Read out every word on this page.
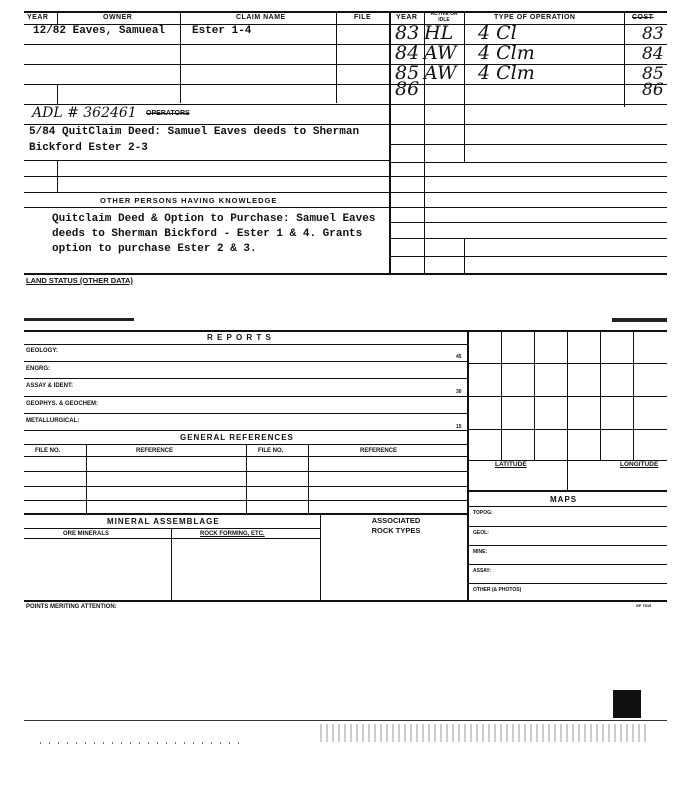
YEAR	OWNER	CLAIM NAME	FILE
12/82 Eaves, Samueal Ester 1-4
ADL # 362461 OPERATORS
5/84 QuitClaim Deed: Samuel Eaves deeds to Sherman
Bickford Ester 2-3
OTHER PERSONS HAVING KNOWLEDGE
Quitclaim Deed & Option to Purchase: Samuel Eaves
deeds to Sherman Bickford - Ester 1 & 4. Grants
option to purchase Ester 2 & 3.
YEAR	ACTIVE OR IDLE	TYPE OF OPERATION	COST
83 HL 4 Cl	83
84 AW 4 Clm	84
85 AW 4 Clm	85
86	86
LAND STATUS (OTHER DATA)
R E P O R T S
GEOLOGY:
45
ENGRG:
ASSAY & IDENT:
30
GEOPHYS. & GEOCHEM:
METALLURGICAL:
15
GENERAL REFERENCES
FILE NO.	REFERENCE	FILE NO.	REFERENCE
LATITUDE	LONGITUDE
MAPS
TOPOG:
GEOL:
MINE:
ASSAY:
OTHER (& PHOTOS)
MINERAL ASSEMBLAGE
ORE MINERALS	ROCK FORMING, ETC.
ASSOCIATED
ROCK TYPES
POINTS MERITING ATTENTION:	SP 7515
